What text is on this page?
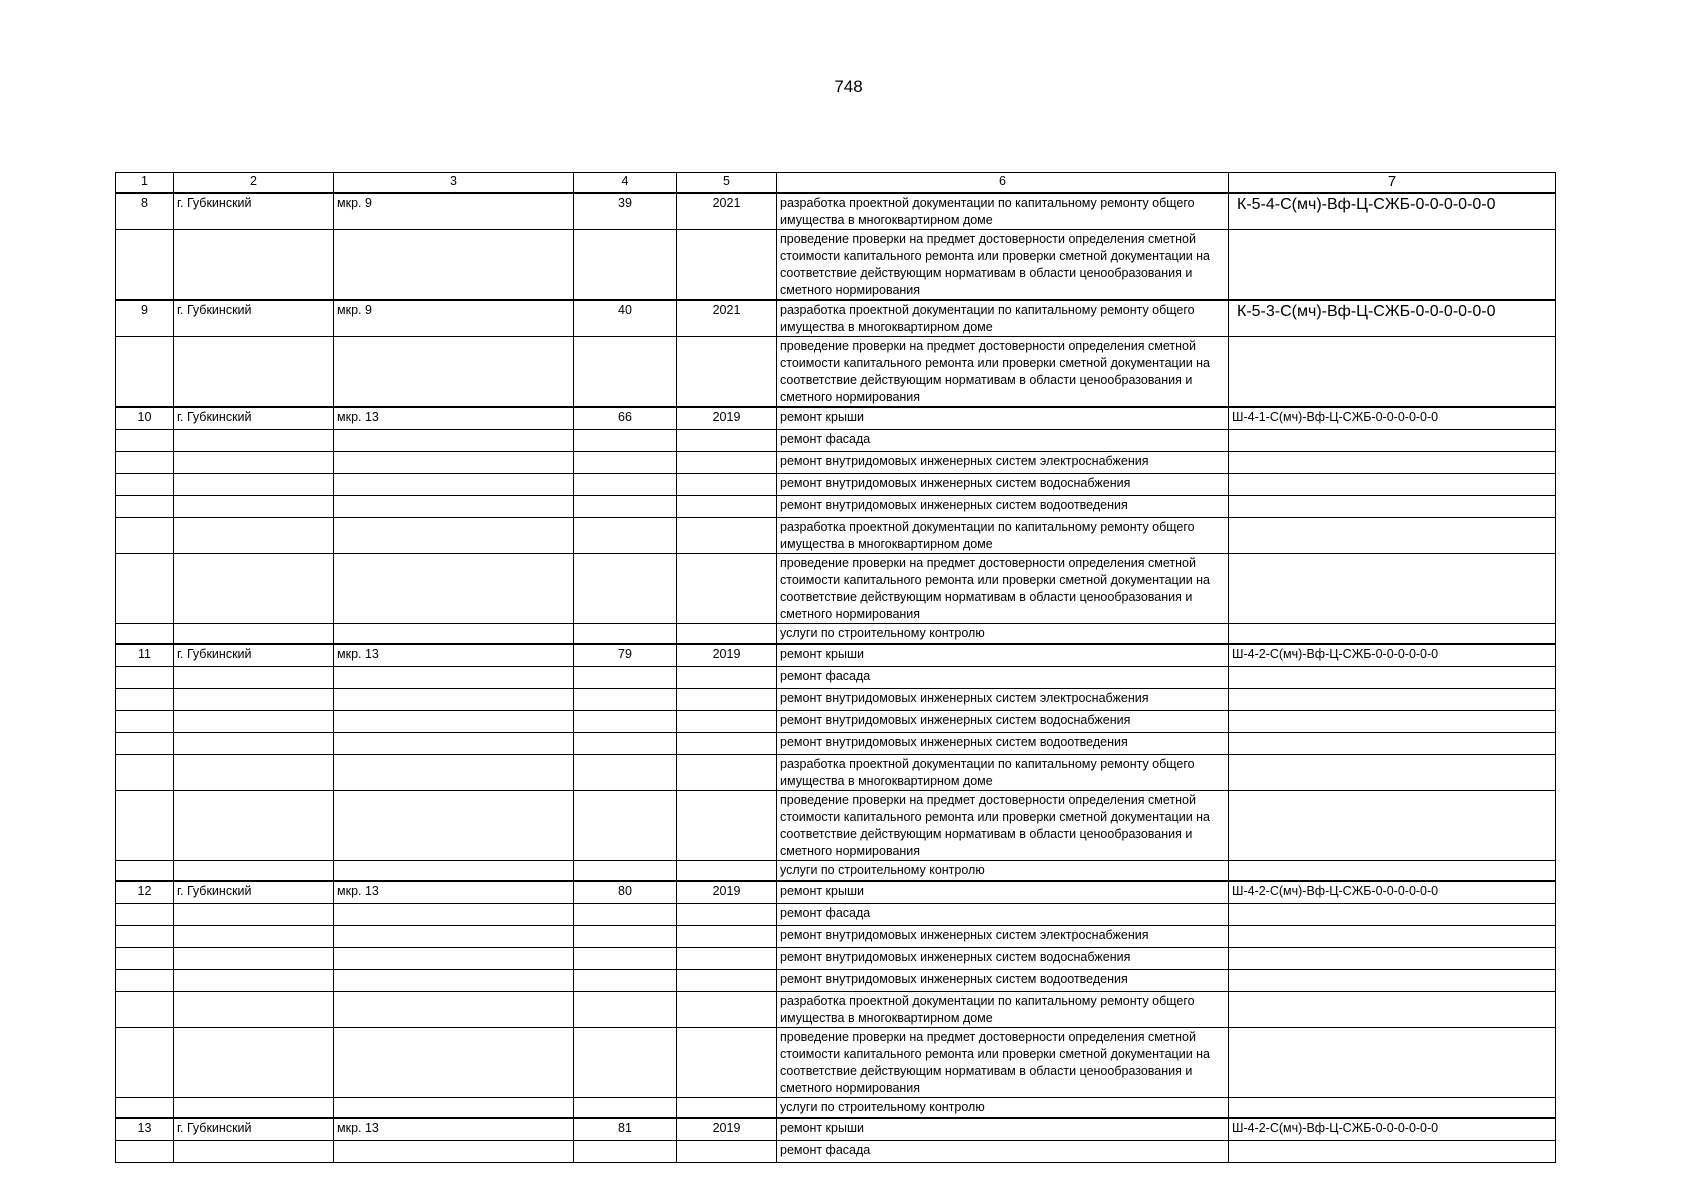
748
1	2	3	4	5	6	7
8	г. Губкинский	мкр. 9	39	2021	разработка проектной документации по капитальному ремонту общего имущества в многоквартирном доме	К-5-4-С(мч)-Вф-Ц-СЖБ-0-0-0-0-0-0
					проведение проверки на предмет достоверности определения сметной стоимости капитального ремонта или проверки сметной документации на соответствие действующим нормативам в области ценообразования и сметного нормирования	
9	г. Губкинский	мкр. 9	40	2021	разработка проектной документации по капитальному ремонту общего имущества в многоквартирном доме	К-5-3-С(мч)-Вф-Ц-СЖБ-0-0-0-0-0-0
					проведение проверки на предмет достоверности определения сметной стоимости капитального ремонта или проверки сметной документации на соответствие действующим нормативам в области ценообразования и сметного нормирования	
10	г. Губкинский	мкр. 13	66	2019	ремонт крыши	Ш-4-1-С(мч)-Вф-Ц-СЖБ-0-0-0-0-0-0
					ремонт фасада	
					ремонт внутридомовых инженерных систем электроснабжения	
					ремонт внутридомовых инженерных систем водоснабжения	
					ремонт внутридомовых инженерных систем водоотведения	
					разработка проектной документации по капитальному ремонту общего имущества в многоквартирном доме	
					проведение проверки на предмет достоверности определения сметной стоимости капитального ремонта или проверки сметной документации на соответствие действующим нормативам в области ценообразования и сметного нормирования	
					услуги по строительному контролю	
11	г. Губкинский	мкр. 13	79	2019	ремонт крыши	Ш-4-2-С(мч)-Вф-Ц-СЖБ-0-0-0-0-0-0
					ремонт фасада	
					ремонт внутридомовых инженерных систем электроснабжения	
					ремонт внутридомовых инженерных систем водоснабжения	
					ремонт внутридомовых инженерных систем водоотведения	
					разработка проектной документации по капитальному ремонту общего имущества в многоквартирном доме	
					проведение проверки на предмет достоверности определения сметной стоимости капитального ремонта или проверки сметной документации на соответствие действующим нормативам в области ценообразования и сметного нормирования	
					услуги по строительному контролю	
12	г. Губкинский	мкр. 13	80	2019	ремонт крыши	Ш-4-2-С(мч)-Вф-Ц-СЖБ-0-0-0-0-0-0
					ремонт фасада	
					ремонт внутридомовых инженерных систем электроснабжения	
					ремонт внутридомовых инженерных систем водоснабжения	
					ремонт внутридомовых инженерных систем водоотведения	
					разработка проектной документации по капитальному ремонту общего имущества в многоквартирном доме	
					проведение проверки на предмет достоверности определения сметной стоимости капитального ремонта или проверки сметной документации на соответствие действующим нормативам в области ценообразования и сметного нормирования	
					услуги по строительному контролю	
13	г. Губкинский	мкр. 13	81	2019	ремонт крыши	Ш-4-2-С(мч)-Вф-Ц-СЖБ-0-0-0-0-0-0
					ремонт фасада	
